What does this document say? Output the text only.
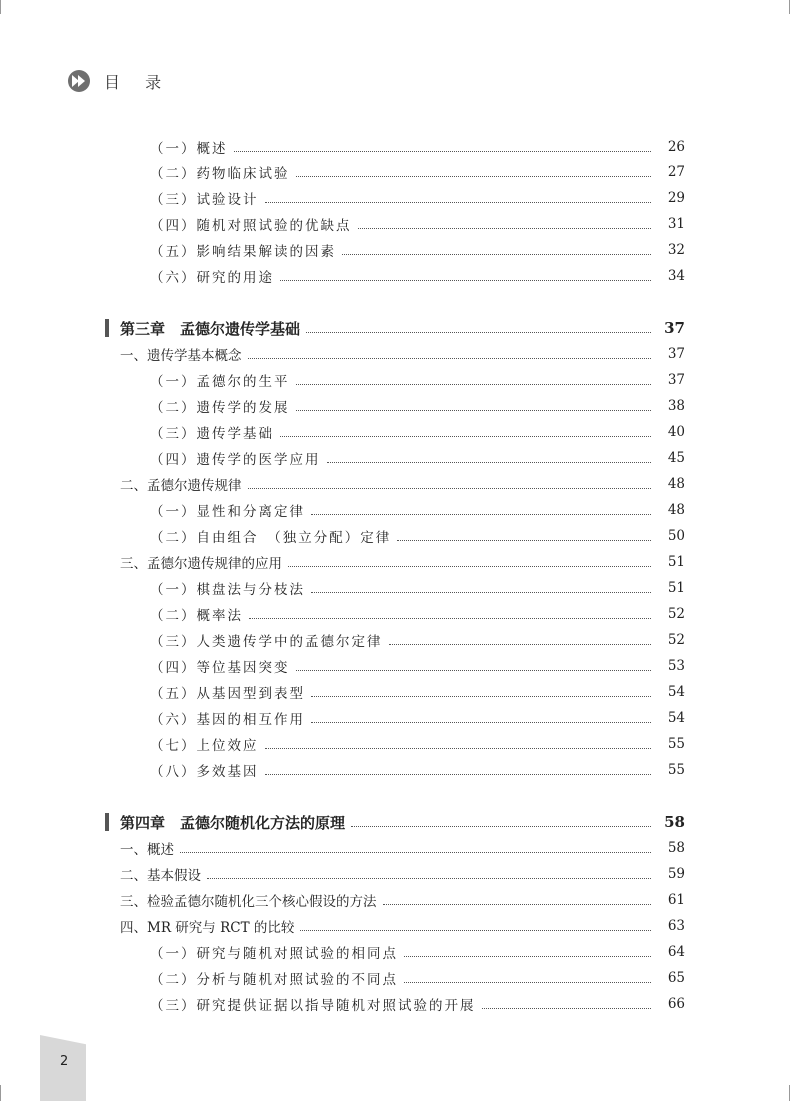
目 录
（一）概述	26
（二）药物临床试验	27
（三）试验设计	29
（四）随机对照试验的优缺点	31
（五）影响结果解读的因素	32
（六）研究的用途	34
第三章　孟德尔遗传学基础	37
一、遗传学基本概念	37
（一）孟德尔的生平	37
（二）遗传学的发展	38
（三）遗传学基础	40
（四）遗传学的医学应用	45
二、孟德尔遗传规律	48
（一）显性和分离定律	48
（二）自由组合　（独立分配）定律	50
三、孟德尔遗传规律的应用	51
（一）棋盘法与分枝法	51
（二）概率法	52
（三）人类遗传学中的孟德尔定律	52
（四）等位基因突变	53
（五）从基因型到表型	54
（六）基因的相互作用	54
（七）上位效应	55
（八）多效基因	55
第四章　孟德尔随机化方法的原理	58
一、概述	58
二、基本假设	59
三、检验孟德尔随机化三个核心假设的方法	61
四、MR 研究与 RCT 的比较	63
（一）研究与随机对照试验的相同点	64
（二）分析与随机对照试验的不同点	65
（三）研究提供证据以指导随机对照试验的开展	66
2
